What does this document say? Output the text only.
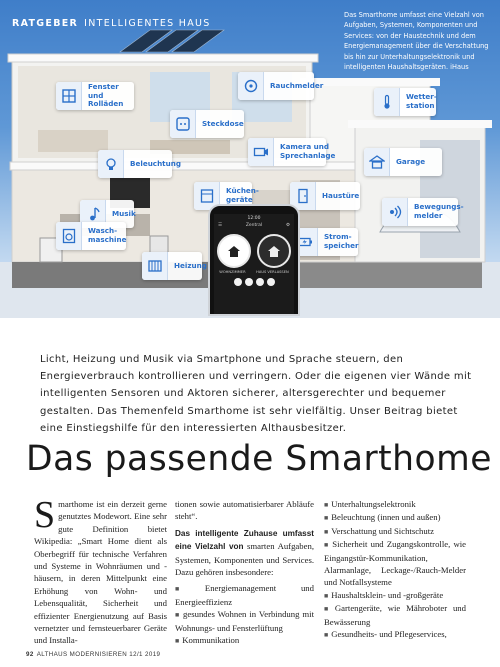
RATGEBER INTELLIGENTES HAUS
Das Smarthome umfasst eine Vielzahl von Aufgaben, Systemen, Komponenten und Services: von der Haustechnik und dem Energiemanagement über die Verschattung bis hin zur Unterhaltungselektronik und intelligenten Haushaltsgeräten. iHaus
Fenster und Rolläden
Rauchmelder
Wetter-station
Steckdose
Kamera und Sprechanlage
Garage
Beleuchtung
Küchen-geräte	Haustüre
Bewegungs-melder
Musik
Strom-speicher
Wasch-maschine
Heizung
12:00
☰	Zentral	⚙
WOHNZIMMER	HAUS VERLASSEN

Licht, Heizung und Musik via Smartphone und Sprache steuern, den Energieverbrauch kontrollieren und verringern. Oder die eigenen vier Wände mit intelligenten Sensoren und Aktoren sicherer, altersgerechter und bequemer gestalten. Das Themenfeld Smarthome ist sehr vielfältig. Unser Beitrag bietet eine Einstiegshilfe für den interessierten Althausbesitzer.

Das passende Smarthome
S marthome ist ein derzeit gerne genutztes Modewort. Eine sehr gute Definition bietet Wikipedia: „Smart Home dient als Oberbegriff für technische Verfahren und Systeme in Wohnräumen und -häusern, in deren Mittelpunkt eine Erhöhung von Wohn- und Lebensqualität, Sicherheit und effizienter Energienutzung auf Basis vernetzter und fernsteuerbarer Geräte und Installa-

tionen sowie automatisierbarer Abläufe steht“.

Das intelligente Zuhause umfasst eine Vielzahl von smarten Aufgaben, Systemen, Komponenten und Services. Dazu gehören insbesondere:

■ Energiemanagement und Energieeffizienz
■ gesundes Wohnen in Verbindung mit Wohnungs- und Fensterlüftung
■ Kommunikation
■ Unterhaltungselektronik
■ Beleuchtung (innen und außen)
■ Verschattung und Sichtschutz
■ Sicherheit und Zugangskontrolle, wie Eingangstür-Kommunikation, Alarmanlage, Leckage-/Rauch-Melder und Notfallsysteme
■ Haushaltsklein- und -großgeräte
■ Gartengeräte, wie Mähroboter und Bewässerung
■ Gesundheits- und Pflegeservices,
92 ALTHAUS MODERNISIEREN 12/1 2019
